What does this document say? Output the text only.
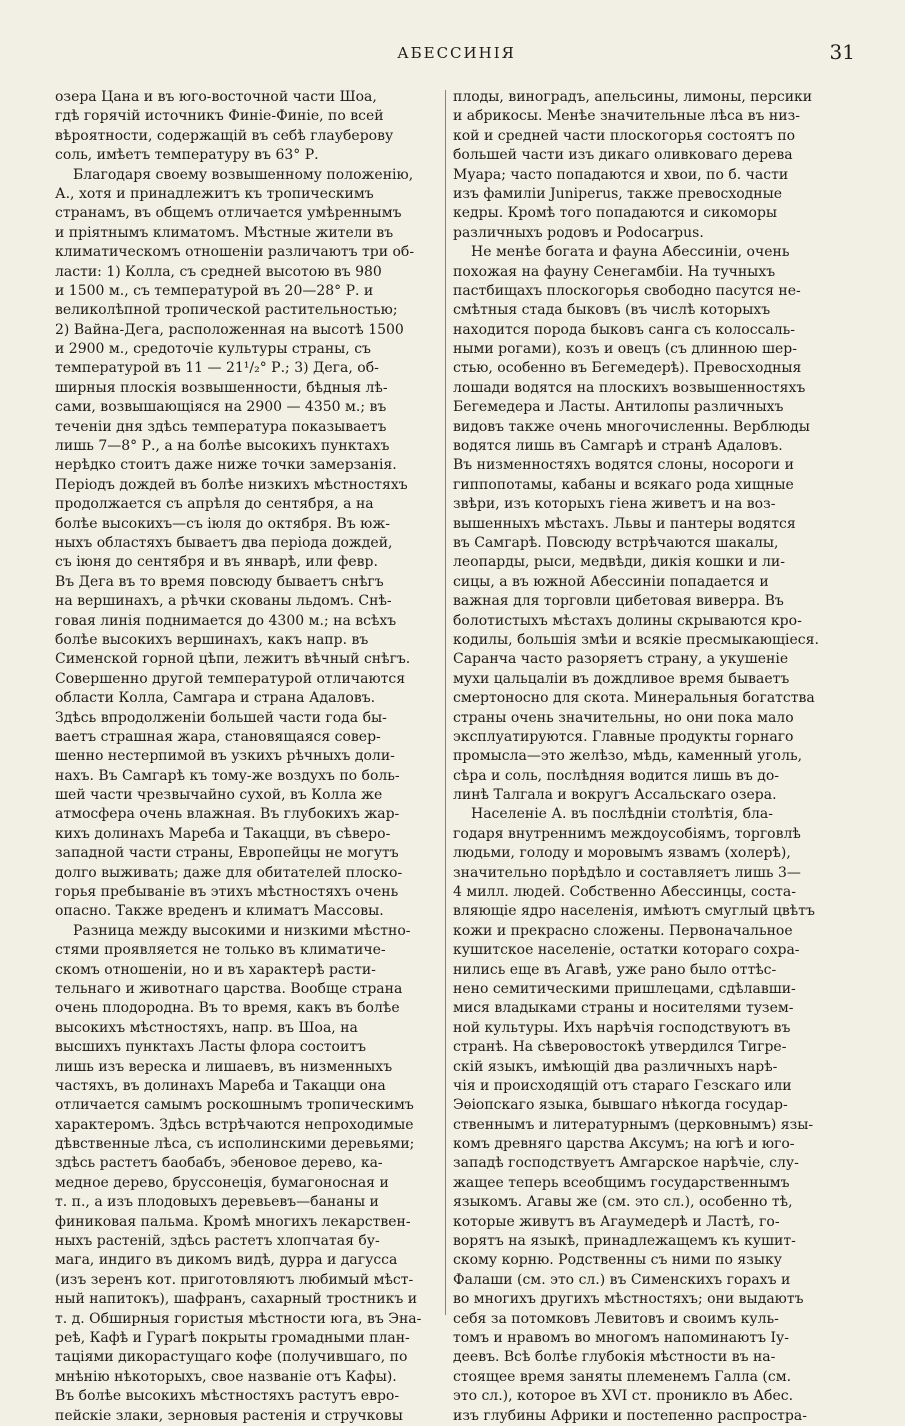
АБЕССИНІЯ	31
озера Цана и въ юго-восточной части Шоа,
гдѣ горячій источникъ Финіе-Финіе, по всей
вѣроятности, содержащій въ себѣ глауберову
соль, имѣетъ температуру въ 63° Р.
Благодаря своему возвышенному положенію,
А., хотя и принадлежитъ къ тропическимъ
странамъ, въ общемъ отличается умѣреннымъ
и пріятнымъ климатомъ. Мѣстные жители въ
климатическомъ отношеніи различаютъ три об-
ласти: 1) Колла, съ средней высотою въ 980
и 1500 м., съ температурой въ 20—28° Р. и
великолѣпной тропической растительностью;
2) Вайна-Дега, расположенная на высотѣ 1500
и 2900 м., средоточіе культуры страны, съ
температурой въ 11 — 21¹/₂° Р.; 3) Дега, об-
ширныя плоскія возвышенности, бѣдныя лѣ-
сами, возвышающіяся на 2900 — 4350 м.; въ
теченіи дня здѣсь температура показываетъ
лишь 7—8° Р., а на болѣе высокихъ пунктахъ
нерѣдко стоитъ даже ниже точки замерзанія.
Періодъ дождей въ болѣе низкихъ мѣстностяхъ
продолжается съ апрѣля до сентября, а на
болѣе высокихъ—съ іюля до октября. Въ юж-
ныхъ областяхъ бываетъ два періода дождей,
съ іюня до сентября и въ январѣ, или февр.
Въ Дега въ то время повсюду бываетъ снѣгъ
на вершинахъ, а рѣчки скованы льдомъ. Снѣ-
говая линія поднимается до 4300 м.; на всѣхъ
болѣе высокихъ вершинахъ, какъ напр. въ
Сименской горной цѣпи, лежитъ вѣчный снѣгъ.
Совершенно другой температурой отличаются
области Колла, Самгара и страна Адаловъ.
Здѣсь впродолженіи большей части года бы-
ваетъ страшная жара, становящаяся совер-
шенно нестерпимой въ узкихъ рѣчныхъ доли-
нахъ. Въ Самгарѣ къ тому-же воздухъ по боль-
шей части чрезвычайно сухой, въ Колла же
атмосфера очень влажная. Въ глубокихъ жар-
кихъ долинахъ Мареба и Такацци, въ сѣверо-
западной части страны, Европейцы не могутъ
долго выживать; даже для обитателей плоско-
горья пребываніе въ этихъ мѣстностяхъ очень
опасно. Также вреденъ и климатъ Массовы.
Разница между высокими и низкими мѣстно-
стями проявляется не только въ климатиче-
скомъ отношеніи, но и въ характерѣ расти-
тельнаго и животнаго царства. Вообще страна
очень плодородна. Въ то время, какъ въ болѣе
высокихъ мѣстностяхъ, напр. въ Шоа, на
высшихъ пунктахъ Ласты флора состоитъ
лишь изъ вереска и лишаевъ, въ низменныхъ
частяхъ, въ долинахъ Мареба и Такацци она
отличается самымъ роскошнымъ тропическимъ
характеромъ. Здѣсь встрѣчаются непроходимые
дѣвственные лѣса, съ исполинскими деревьями;
здѣсь растетъ баобабъ, эбеновое дерево, ка-
медное дерево, бруссонеція, бумагоносная и
т. п., а изъ плодовыхъ деревьевъ—бананы и
финиковая пальма. Кромѣ многихъ лекарствен-
ныхъ растеній, здѣсь растетъ хлопчатая бу-
мага, индиго въ дикомъ видѣ, дурра и дагусса
(изъ зеренъ кот. приготовляютъ любимый мѣст-
ный напитокъ), шафранъ, сахарный тростникъ и
т. д. Обширныя гористыя мѣстности юга, въ Эна-
реѣ, Кафѣ и Гурагѣ покрыты громадными план-
таціями дикорастущаго кофе (получившаго, по
мнѣнію нѣкоторыхъ, свое названіе отъ Кафы).
Въ болѣе высокихъ мѣстностяхъ растутъ евро-
пейскіе злаки, зерновыя растенія и стручковы
плоды, виноградъ, апельсины, лимоны, персики
и абрикосы. Менѣе значительные лѣса въ низ-
кой и средней части плоскогорья состоятъ по
большей части изъ дикаго оливковаго дерева
Муара; часто попадаются и хвои, по б. части
изъ фамиліи Juniperus, также превосходные
кедры. Кромѣ того попадаются и сикоморы
различныхъ родовъ и Podocarpus.
Не менѣе богата и фауна Абессиніи, очень
похожая на фауну Сенегамбіи. На тучныхъ
пастбищахъ плоскогорья свободно пасутся не-
смѣтныя стада быковъ (въ числѣ которыхъ
находится порода быковъ санга съ колоссаль-
ными рогами), козъ и овецъ (съ длинною шер-
стью, особенно въ Бегемедерѣ). Превосходныя
лошади водятся на плоскихъ возвышенностяхъ
Бегемедера и Ласты. Антилопы различныхъ
видовъ также очень многочисленны. Верблюды
водятся лишь въ Самгарѣ и странѣ Адаловъ.
Въ низменностяхъ водятся слоны, носороги и
гиппопотамы, кабаны и всякаго рода хищные
звѣри, изъ которыхъ гіена живетъ и на воз-
вышенныхъ мѣстахъ. Львы и пантеры водятся
въ Самгарѣ. Повсюду встрѣчаются шакалы,
леопарды, рыси, медвѣди, дикія кошки и ли-
сицы, а въ южной Абессиніи попадается и
важная для торговли цибетовая виверра. Въ
болотистыхъ мѣстахъ долины скрываются кро-
кодилы, большія змѣи и всякіе пресмыкающіеся.
Саранча часто разоряетъ страну, а укушеніе
мухи цальцаліи въ дождливое время бываетъ
смертоносно для скота. Минеральныя богатства
страны очень значительны, но они пока мало
эксплуатируются. Главные продукты горнаго
промысла—это желѣзо, мѣдь, каменный уголь,
сѣра и соль, послѣдняя водится лишь въ до-
линѣ Талгала и вокругъ Ассальскаго озера.
Населеніе А. въ послѣдніи столѣтія, бла-
годаря внутреннимъ междоусобіямъ, торговлѣ
людьми, голоду и моровымъ язвамъ (холерѣ),
значительно порѣдѣло и составляетъ лишь 3—
4 милл. людей. Собственно Абессинцы, соста-
вляющіе ядро населенія, имѣютъ смуглый цвѣтъ
кожи и прекрасно сложены. Первоначальное
кушитское населеніе, остатки котораго сохра-
нились еще въ Агавѣ, уже рано было оттѣс-
нено семитическими пришлецами, сдѣлавши-
мися владыками страны и носителями тузем-
ной культуры. Ихъ нарѣчія господствуютъ въ
странѣ. На сѣверовостокѣ утвердился Тигре-
скій языкъ, имѣющій два различныхъ нарѣ-
чія и происходящій отъ стараго Гезскаго или
Эѳіопскаго языка, бывшаго нѣкогда государ-
ственнымъ и литературнымъ (церковнымъ) язы-
комъ древняго царства Аксумъ; на югѣ и юго-
западѣ господствуетъ Амгарское нарѣчіе, слу-
жащее теперь всеобщимъ государственнымъ
языкомъ. Агавы же (см. это сл.), особенно тѣ,
которые живутъ въ Агаумедерѣ и Ластѣ, го-
ворятъ на языкѣ, принадлежащемъ къ кушит-
скому корню. Родственны съ ними по языку
Фалаши (см. это сл.) въ Сименскихъ горахъ и
во многихъ другихъ мѣстностяхъ; они выдаютъ
себя за потомковъ Левитовъ и своимъ куль-
томъ и нравомъ во многомъ напоминаютъ Іу-
деевъ. Всѣ болѣе глубокія мѣстности въ на-
стоящее время заняты племенемъ Галла (см.
это сл.), которое въ XVI ст. проникло въ Абес.
изъ глубины Африки и постепенно распростра-
